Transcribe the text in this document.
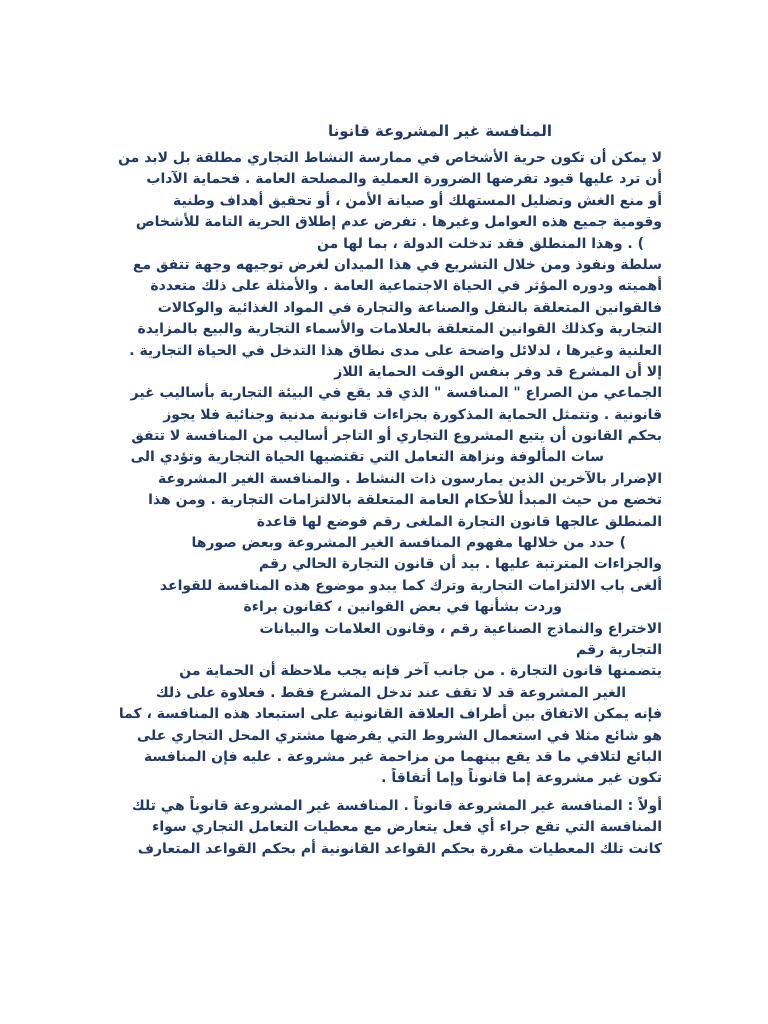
المنافسة غير المشروعة قانونا
لا يمكن أن تكون حرية الأشخاص في ممارسة النشاط التجاري مطلقة بل لابد من
أن ترد عليها قيود تفرضها الضرورة العملية والمصلحة العامة . فحماية الآداب
أو منع الغش وتضليل المستهلك أو صيانة الأمن ، أو تحقيق أهداف وطنية
وقومية جميع هذه العوامل وغيرها . تفرض عدم إطلاق الحرية التامة للأشخاص
) . وهذا المنطلق فقد تدخلت الدولة ، بما لها من
سلطة ونفوذ ومن خلال التشريع في هذا الميدان لغرض توجيهه وجهة تتفق مع
أهميته ودوره المؤثر في الحياة الاجتماعية العامة . والأمثلة على ذلك متعددة
فالقوانين المتعلقة بالنقل والصناعة والتجارة في المواد الغذائية والوكالات
التجارية وكذلك القوانين المتعلقة بالعلامات والأسماء التجارية والبيع بالمزايدة
العلنية وغيرها ، لدلائل واضحة على مدى نطاق هذا التدخل في الحياة التجارية .
إلا أن المشرع قد وفر بنفس الوقت الحماية اللاز
الجماعي من الصراع " المنافسة " الذي قد يقع في البيئة التجارية بأساليب غير
قانونية . وتتمثل الحماية المذكورة بجزاءات قانونية مدنية وجنائية فلا يجوز
بحكم القانون أن يتبع المشروع التجاري أو التاجر أساليب من المنافسة لا تتفق
سات المألوفة ونزاهة التعامل التي تقتضيها الحياة التجارية وتؤدي الى
الإضرار بالآخرين الذين يمارسون ذات النشاط . والمنافسة الغير المشروعة
تخضع من حيث المبدأ للأحكام العامة المتعلقة بالالتزامات التجارية . ومن هذا
المنطلق عالجها قانون التجارة الملغى رقم فوضع لها قاعدة
) حدد من خلالها مفهوم المنافسة الغير المشروعة وبعض صورها
والجزاءات المترتبة عليها . بيد أن قانون التجارة الحالي رقم
ألغى باب الالتزامات التجارية وترك كما يبدو موضوع هذه المنافسة للقواعد
وردت بشأنها في بعض القوانين ، كقانون براءة
الاختراع والنماذج الصناعية رقم ، وقانون العلامات والبيانات
التجارية رقم
يتضمنها قانون التجارة . من جانب آخر فإنه يجب ملاحظة أن الحماية من
الغير المشروعة قد لا تقف عند تدخل المشرع فقط . فعلاوة على ذلك
فإنه يمكن الاتفاق بين أطراف العلاقة القانونية على استبعاد هذه المنافسة ، كما
هو شائع مثلا في استعمال الشروط التي يفرضها مشتري المحل التجاري على
البائع لتلافي ما قد يقع بينهما من مزاحمة غير مشروعة . عليه فإن المنافسة
تكون غير مشروعة إما قانوناً وإما أتفاقاً .
أولاً : المنافسة غير المشروعة قانوناً . المنافسة غير المشروعة قانوناً هي تلك
المنافسة التي تقع جراء أي فعل يتعارض مع معطيات التعامل التجاري سواء
كانت تلك المعطيات مقررة بحكم القواعد القانونية أم بحكم القواعد المتعارف
